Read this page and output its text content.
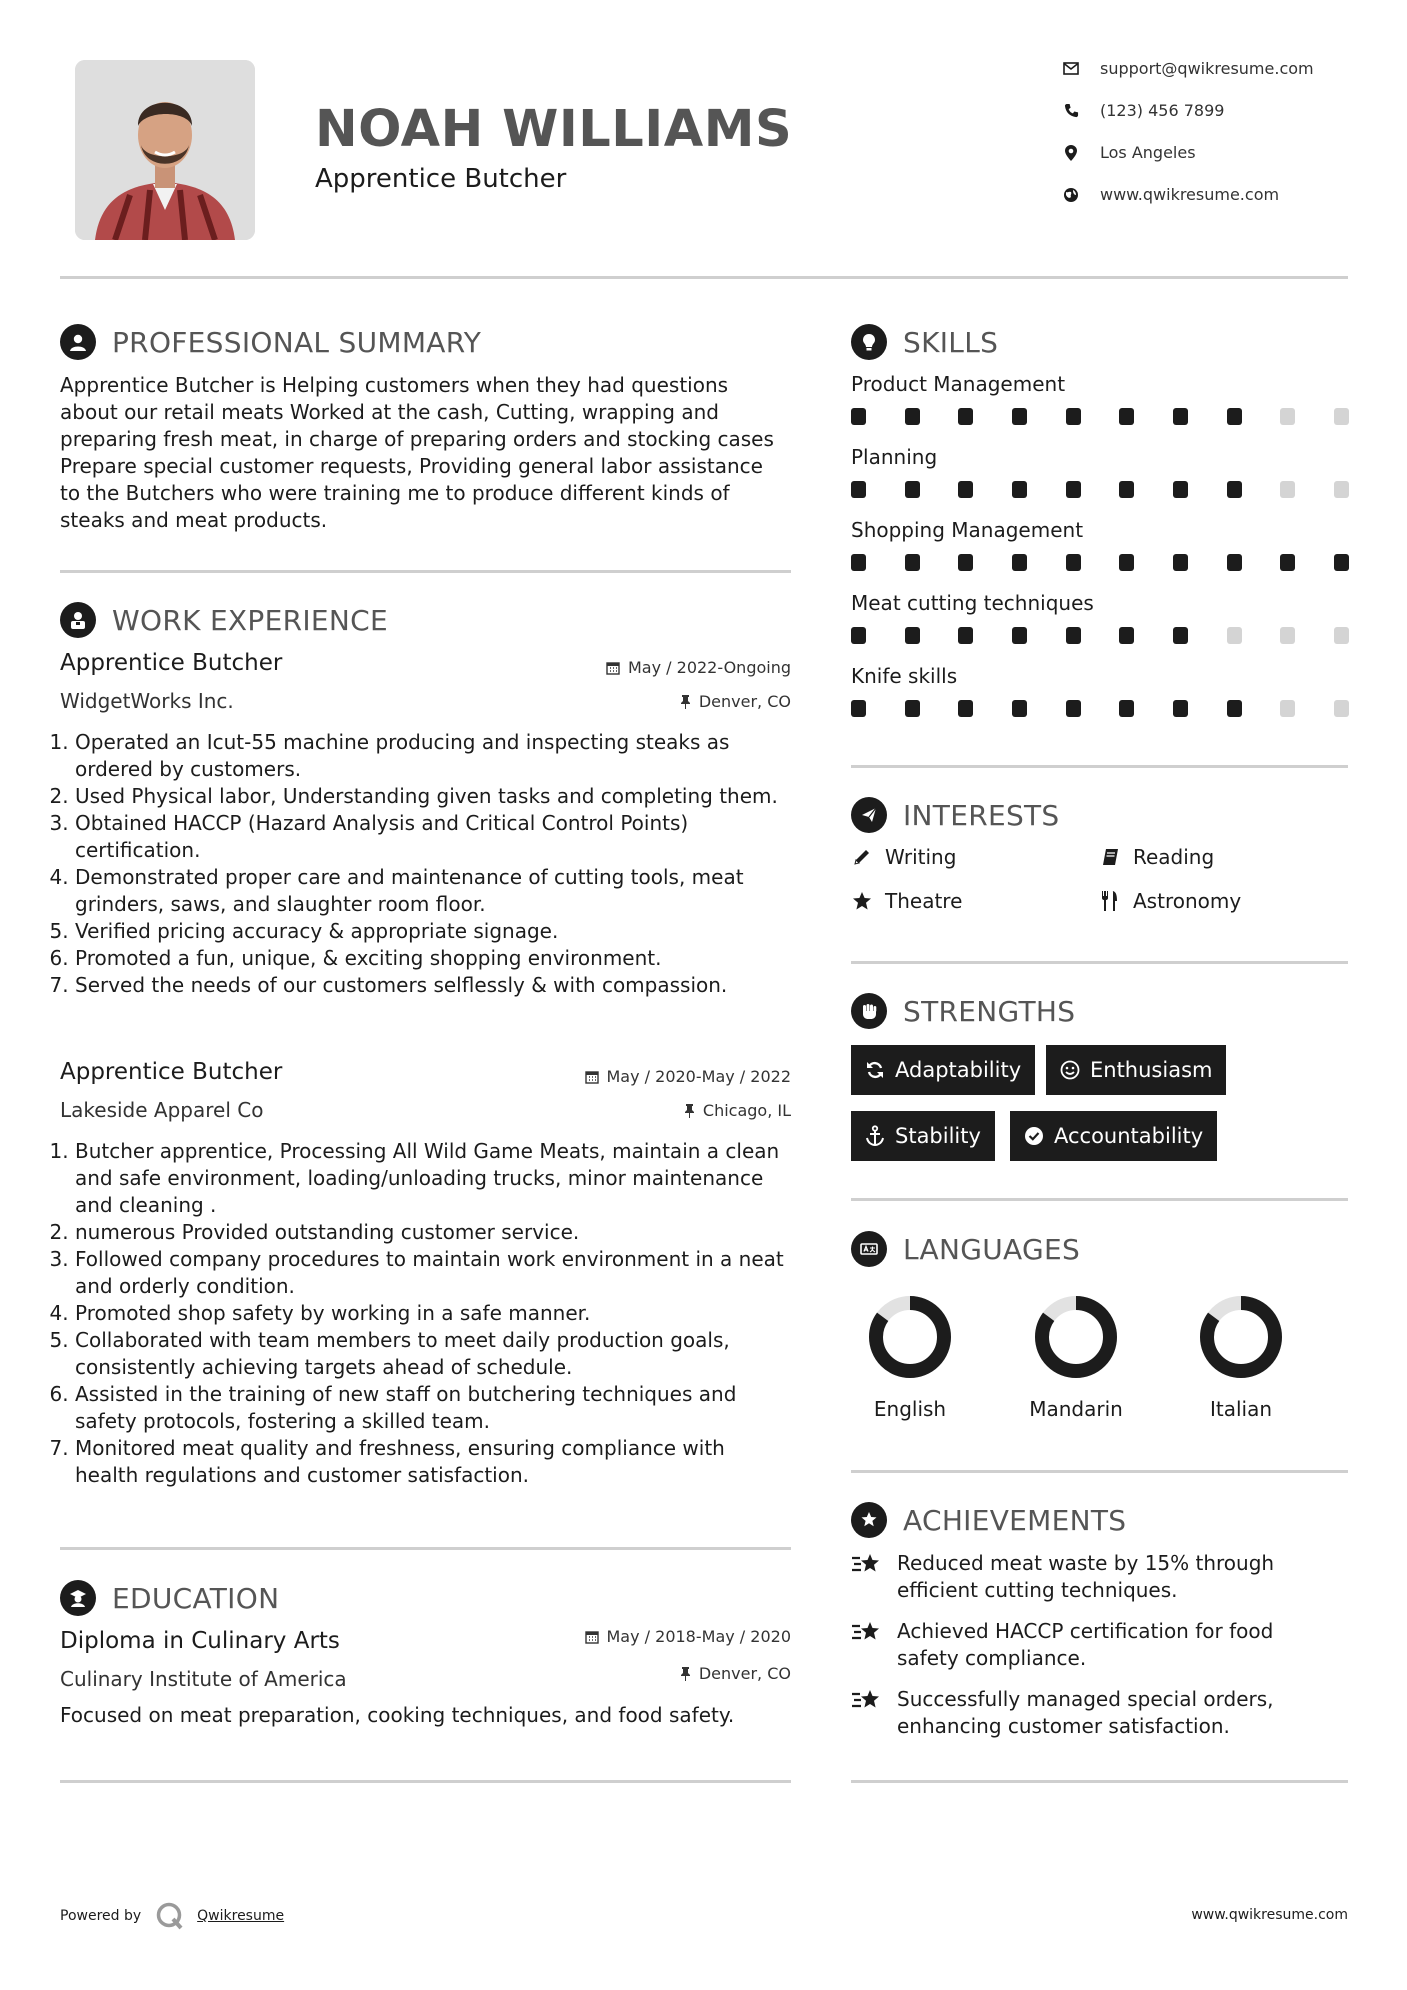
NOAH WILLIAMS
Apprentice Butcher
support@qwikresume.com
(123) 456 7899
Los Angeles
www.qwikresume.com
PROFESSIONAL SUMMARY
Apprentice Butcher is Helping customers when they had questions
about our retail meats Worked at the cash, Cutting, wrapping and
preparing fresh meat, in charge of preparing orders and stocking cases
Prepare special customer requests, Providing general labor assistance
to the Butchers who were training me to produce different kinds of
steaks and meat products.
WORK EXPERIENCE
Apprentice Butcher	May / 2022-Ongoing
WidgetWorks Inc.	Denver, CO
1. Operated an Icut-55 machine producing and inspecting steaks as ordered by customers.
2. Used Physical labor, Understanding given tasks and completing them.
3. Obtained HACCP (Hazard Analysis and Critical Control Points) certification.
4. Demonstrated proper care and maintenance of cutting tools, meat grinders, saws, and slaughter room floor.
5. Verified pricing accuracy & appropriate signage.
6. Promoted a fun, unique, & exciting shopping environment.
7. Served the needs of our customers selflessly & with compassion.
Apprentice Butcher	May / 2020-May / 2022
Lakeside Apparel Co	Chicago, IL
1. Butcher apprentice, Processing All Wild Game Meats, maintain a clean and safe environment, loading/unloading trucks, minor maintenance and cleaning .
2. numerous Provided outstanding customer service.
3. Followed company procedures to maintain work environment in a neat and orderly condition.
4. Promoted shop safety by working in a safe manner.
5. Collaborated with team members to meet daily production goals, consistently achieving targets ahead of schedule.
6. Assisted in the training of new staff on butchering techniques and safety protocols, fostering a skilled team.
7. Monitored meat quality and freshness, ensuring compliance with health regulations and customer satisfaction.
EDUCATION
Diploma in Culinary Arts	May / 2018-May / 2020
Culinary Institute of America	Denver, CO
Focused on meat preparation, cooking techniques, and food safety.
SKILLS
Product Management
Planning
Shopping Management
Meat cutting techniques
Knife skills
INTERESTS
Writing	Reading
Theatre	Astronomy
STRENGTHS
Adaptability	Enthusiasm
Stability	Accountability
LANGUAGES
English	Mandarin	Italian
ACHIEVEMENTS
Reduced meat waste by 15% through efficient cutting techniques.
Achieved HACCP certification for food safety compliance.
Successfully managed special orders, enhancing customer satisfaction.
Powered by	Qwikresume	www.qwikresume.com
